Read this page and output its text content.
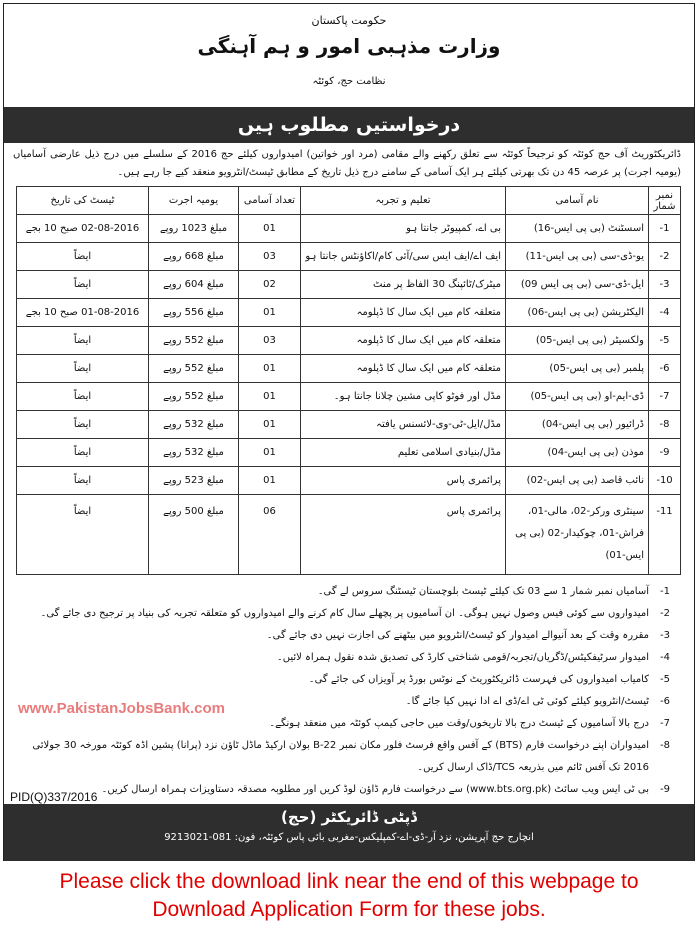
حکومت پاکستان
وزارت مذہبی امور و ہم آہنگی
نظامت حج، کوئٹہ
درخواستیں مطلوب ہیں
ڈائریکٹوریٹ آف حج کوئٹہ کو ترجیحاً کوئٹہ سے تعلق رکھنے والے مقامی (مرد اور خواتین) امیدواروں کیلئے حج 2016 کے سلسلے میں درج ذیل عارضی آسامیاں (یومیہ اجرت) پر عرصہ 45 دن تک بھرتی کیلئے ہر ایک آسامی کے سامنے درج ذیل تاریخ کے مطابق ٹیسٹ/انٹرویو منعقد کیے جا رہے ہیں۔
نمبر شمار	نام آسامی	تعلیم و تجربہ	تعداد آسامی	یومیہ اجرت	ٹیسٹ کی تاریخ
1-	اسسٹنٹ (بی پی ایس-16)	بی اے، کمپیوٹر جانتا ہو	01	مبلغ 1023 روپے	02-08-2016 صبح 10 بجے
2-	یو-ڈی-سی (بی پی ایس-11)	ایف اے/ایف ایس سی/آئی کام/اکاؤنٹس جانتا ہو	03	مبلغ 668 روپے	ایضاً
3-	ایل-ڈی-سی (بی پی ایس 09)	میٹرک/ٹائپنگ 30 الفاظ پر منٹ	02	مبلغ 604 روپے	ایضاً
4-	الیکٹریشن (بی پی ایس-06)	متعلقہ کام میں ایک سال کا ڈپلومہ	01	مبلغ 556 روپے	01-08-2016 صبح 10 بجے
5-	ولکسیٹر (بی پی ایس-05)	متعلقہ کام میں ایک سال کا ڈپلومہ	03	مبلغ 552 روپے	ایضاً
6-	پلمبر (بی پی ایس-05)	متعلقہ کام میں ایک سال کا ڈپلومہ	01	مبلغ 552 روپے	ایضاً
7-	ڈی-ایم-او (بی پی ایس-05)	مڈل اور فوٹو کاپی مشین چلانا جانتا ہو۔	01	مبلغ 552 روپے	ایضاً
8-	ڈرائیور (بی پی ایس-04)	مڈل/ایل-ٹی-وی-لائسنس یافتہ	01	مبلغ 532 روپے	ایضاً
9-	موذن (بی پی ایس-04)	مڈل/بنیادی اسلامی تعلیم	01	مبلغ 532 روپے	ایضاً
10-	نائب قاصد (بی پی ایس-02)	پرائمری پاس	01	مبلغ 523 روپے	ایضاً
11-	سینٹری ورکر-02، مالی-01، فراش-01، چوکیدار-02 (بی پی ایس-01)	پرائمری پاس	06	مبلغ 500 روپے	ایضاً
1-
آسامیاں نمبر شمار 1 سے 03 تک کیلئے ٹیسٹ بلوچستان ٹیسٹنگ سروس لے گی۔
2-
امیدواروں سے کوئی فیس وصول نہیں ہوگی۔ ان آسامیوں پر پچھلے سال کام کرنے والے امیدواروں کو متعلقہ تجربہ کی بنیاد پر ترجیح دی جائے گی۔
3-
مقررہ وقت کے بعد آنیوالے امیدوار کو ٹیسٹ/انٹرویو میں بیٹھنے کی اجازت نہیں دی جائے گی۔
4-
امیدوار سرٹیفکیٹس/ڈگریاں/تجربہ/قومی شناختی کارڈ کی تصدیق شدہ نقول ہمراہ لائیں۔
5-
کامیاب امیدواروں کی فہرست ڈائریکٹوریٹ کے نوٹس بورڈ پر آویزاں کی جائے گی۔
6-
ٹیسٹ/انٹرویو کیلئے کوئی ٹی اے/ڈی اے ادا نہیں کیا جائے گا۔
7-
درج بالا آسامیوں کے ٹیسٹ درج بالا تاریخوں/وقت میں حاجی کیمپ کوئٹہ میں منعقد ہونگے۔
8-
امیدواران اپنے درخواست فارم (BTS) کے آفس واقع فرسٹ فلور مکان نمبر B-22 بولان ارکیڈ ماڈل ٹاؤن نزد (پرانا) پشین اڈہ کوئٹہ مورخہ 30 جولائی 2016 تک آفس ٹائم میں بذریعہ TCS/ڈاک ارسال کریں۔
9-
بی ٹی ایس ویب سائٹ (www.bts.org.pk) سے درخواست فارم ڈاؤن لوڈ کریں اور مطلوبہ مصدقہ دستاویزات ہمراہ ارسال کریں۔
PID(Q)337/2016
ڈپٹی ڈائریکٹر (حج)
انچارج حج آپریشن، نزد آر-ڈی-اے-کمپلیکس-مغربی بائی پاس کوئٹہ، فون: 081-9213021
www.PakistanJobsBank.com
Please click the download link near the end of this webpage to
Download Application Form for these jobs.
